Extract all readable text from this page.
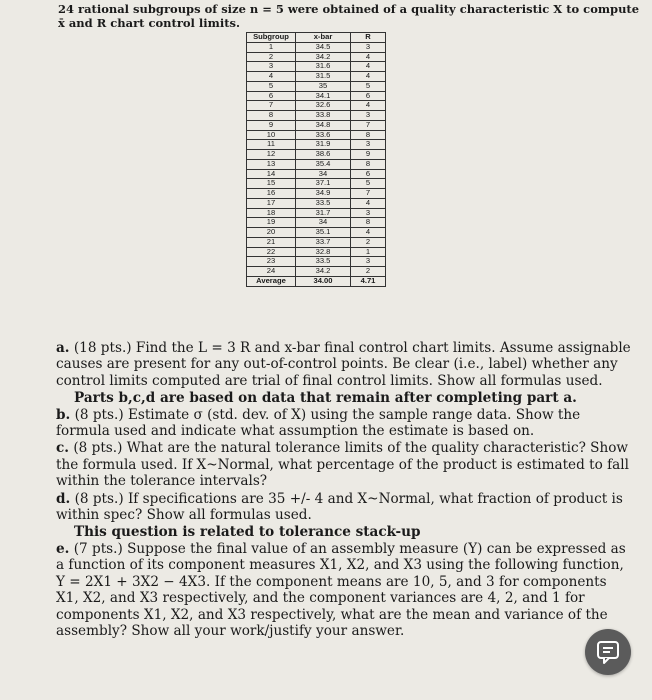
24 rational subgroups of size n = 5 were obtained of a quality characteristic X to compute
x̄ and R chart control limits.
Subgroup	x-bar	R
1	34.5	3
2	34.2	4
3	31.6	4
4	31.5	4
5	35	5
6	34.1	6
7	32.6	4
8	33.8	3
9	34.8	7
10	33.6	8
11	31.9	3
12	38.6	9
13	35.4	8
14	34	6
15	37.1	5
16	34.9	7
17	33.5	4
18	31.7	3
19	34	8
20	35.1	4
21	33.7	2
22	32.8	1
23	33.5	3
24	34.2	2
Average	34.00	4.71
a. (18 pts.) Find the L = 3 R and x-bar final control chart limits. Assume assignable causes are present for any out-of-control points. Be clear (i.e., label) whether any control limits computed are trial of final control limits. Show all formulas used.
Parts b,c,d are based on data that remain after completing part a.
b. (8 pts.) Estimate σ (std. dev. of X) using the sample range data. Show the formula used and indicate what assumption the estimate is based on.
c. (8 pts.) What are the natural tolerance limits of the quality characteristic? Show the formula used. If X~Normal, what percentage of the product is estimated to fall within the tolerance intervals?
d. (8 pts.) If specifications are 35 +/- 4 and X~Normal, what fraction of product is within spec? Show all formulas used.
This question is related to tolerance stack-up
e. (7 pts.) Suppose the final value of an assembly measure (Y) can be expressed as a function of its component measures X1, X2, and X3 using the following function, Y = 2X1 + 3X2 − 4X3. If the component means are 10, 5, and 3 for components X1, X2, and X3 respectively, and the component variances are 4, 2, and 1 for components X1, X2, and X3 respectively, what are the mean and variance of the assembly? Show all your work/justify your answer.
